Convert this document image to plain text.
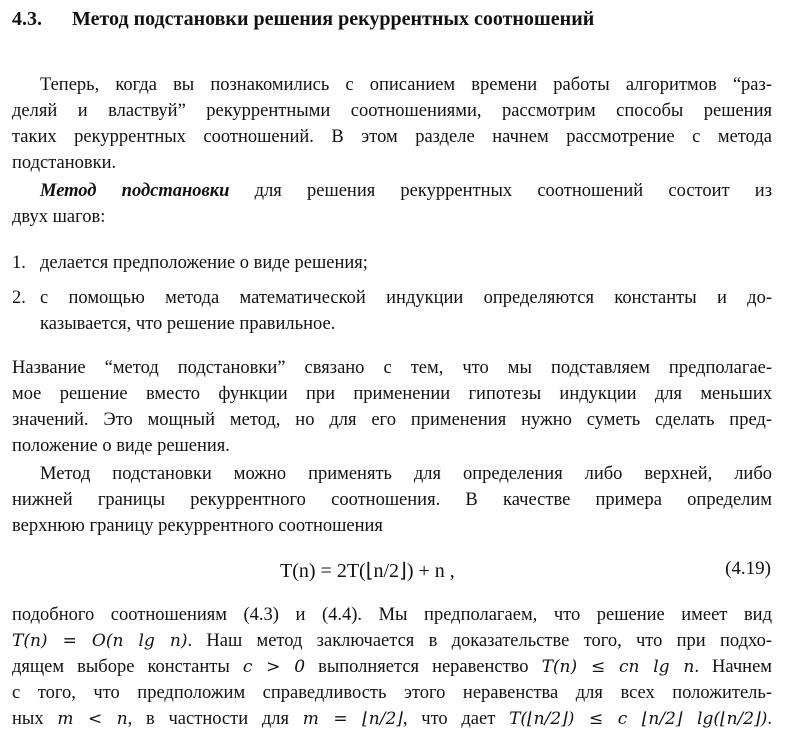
4.3. Метод подстановки решения рекуррентных соотношений
Теперь, когда вы познакомились с описанием времени работы алгоритмов “раз-
деляй и властвуй” рекуррентными соотношениями, рассмотрим способы решения
таких рекуррентных соотношений. В этом разделе начнем рассмотрение с метода
подстановки.
Метод подстановки для решения рекуррентных соотношений состоит из
двух шагов:
1. делается предположение о виде решения;
2. с помощью метода математической индукции определяются константы и до-
казывается, что решение правильное.
Название “метод подстановки” связано с тем, что мы подставляем предполагае-
мое решение вместо функции при применении гипотезы индукции для меньших
значений. Это мощный метод, но для его применения нужно суметь сделать пред-
положение о виде решения.
Метод подстановки можно применять для определения либо верхней, либо
нижней границы рекуррентного соотношения. В качестве примера определим
верхнюю границу рекуррентного соотношения
T(n) = 2T(⌊n/2⌋) + n ,	(4.19)
подобного соотношениям (4.3) и (4.4). Мы предполагаем, что решение имеет вид
T(n) = O(n lg n). Наш метод заключается в доказательстве того, что при подхо-
дящем выборе константы c > 0 выполняется неравенство T(n) ≤ cn lg n. Начнем
с того, что предположим справедливость этого неравенства для всех положитель-
ных m < n, в частности для m = ⌊n/2⌋, что дает T(⌊n/2⌋) ≤ c ⌊n/2⌋ lg(⌊n/2⌋).
